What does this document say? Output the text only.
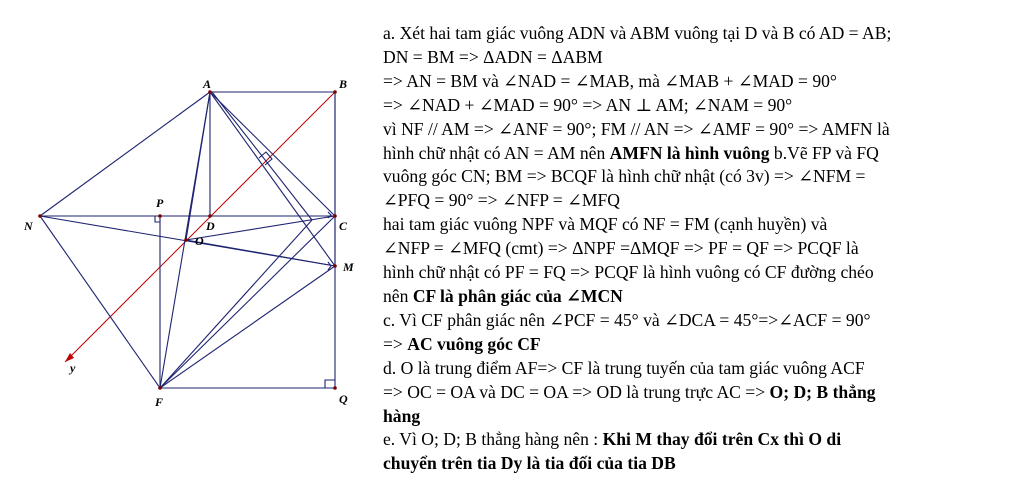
A	B
C
D
F
M
N
O
P
Q
y

a. Xét hai tam giác vuông ADN và ABM vuông tại D và B có AD = AB;

DN = BM => ΔADN = ΔABM

=> AN = BM và ∠NAD = ∠MAB, mà ∠MAB + ∠MAD = 90°

=> ∠NAD + ∠MAD = 90° => AN ⊥ AM; ∠NAM = 90°

vì NF // AM => ∠ANF = 90°; FM // AN => ∠AMF = 90° => AMFN là

hình chữ nhật có AN = AM nên AMFN là hình vuông b.Vẽ FP và FQ

vuông góc CN; BM => BCQF là hình chữ nhật (có 3v) => ∠NFM =

∠PFQ = 90° => ∠NFP = ∠MFQ

hai tam giác vuông NPF và MQF có NF = FM (cạnh huyền) và

∠NFP = ∠MFQ (cmt) => ΔNPF =ΔMQF => PF = QF => PCQF là

hình chữ nhật có PF = FQ => PCQF là hình vuông có CF đường chéo

nên CF là phân giác của ∠MCN

c. Vì CF phân giác nên ∠PCF = 45° và ∠DCA = 45°=>∠ACF = 90°

=> AC vuông góc CF

d. O là trung điểm AF=> CF là trung tuyến của tam giác vuông ACF

=> OC = OA và DC = OA => OD là trung trực AC => O; D; B thẳng

hàng

e. Vì O; D; B thẳng hàng nên : Khi M thay đổi trên Cx thì O di

chuyển trên tia Dy là tia đối của tia DB
